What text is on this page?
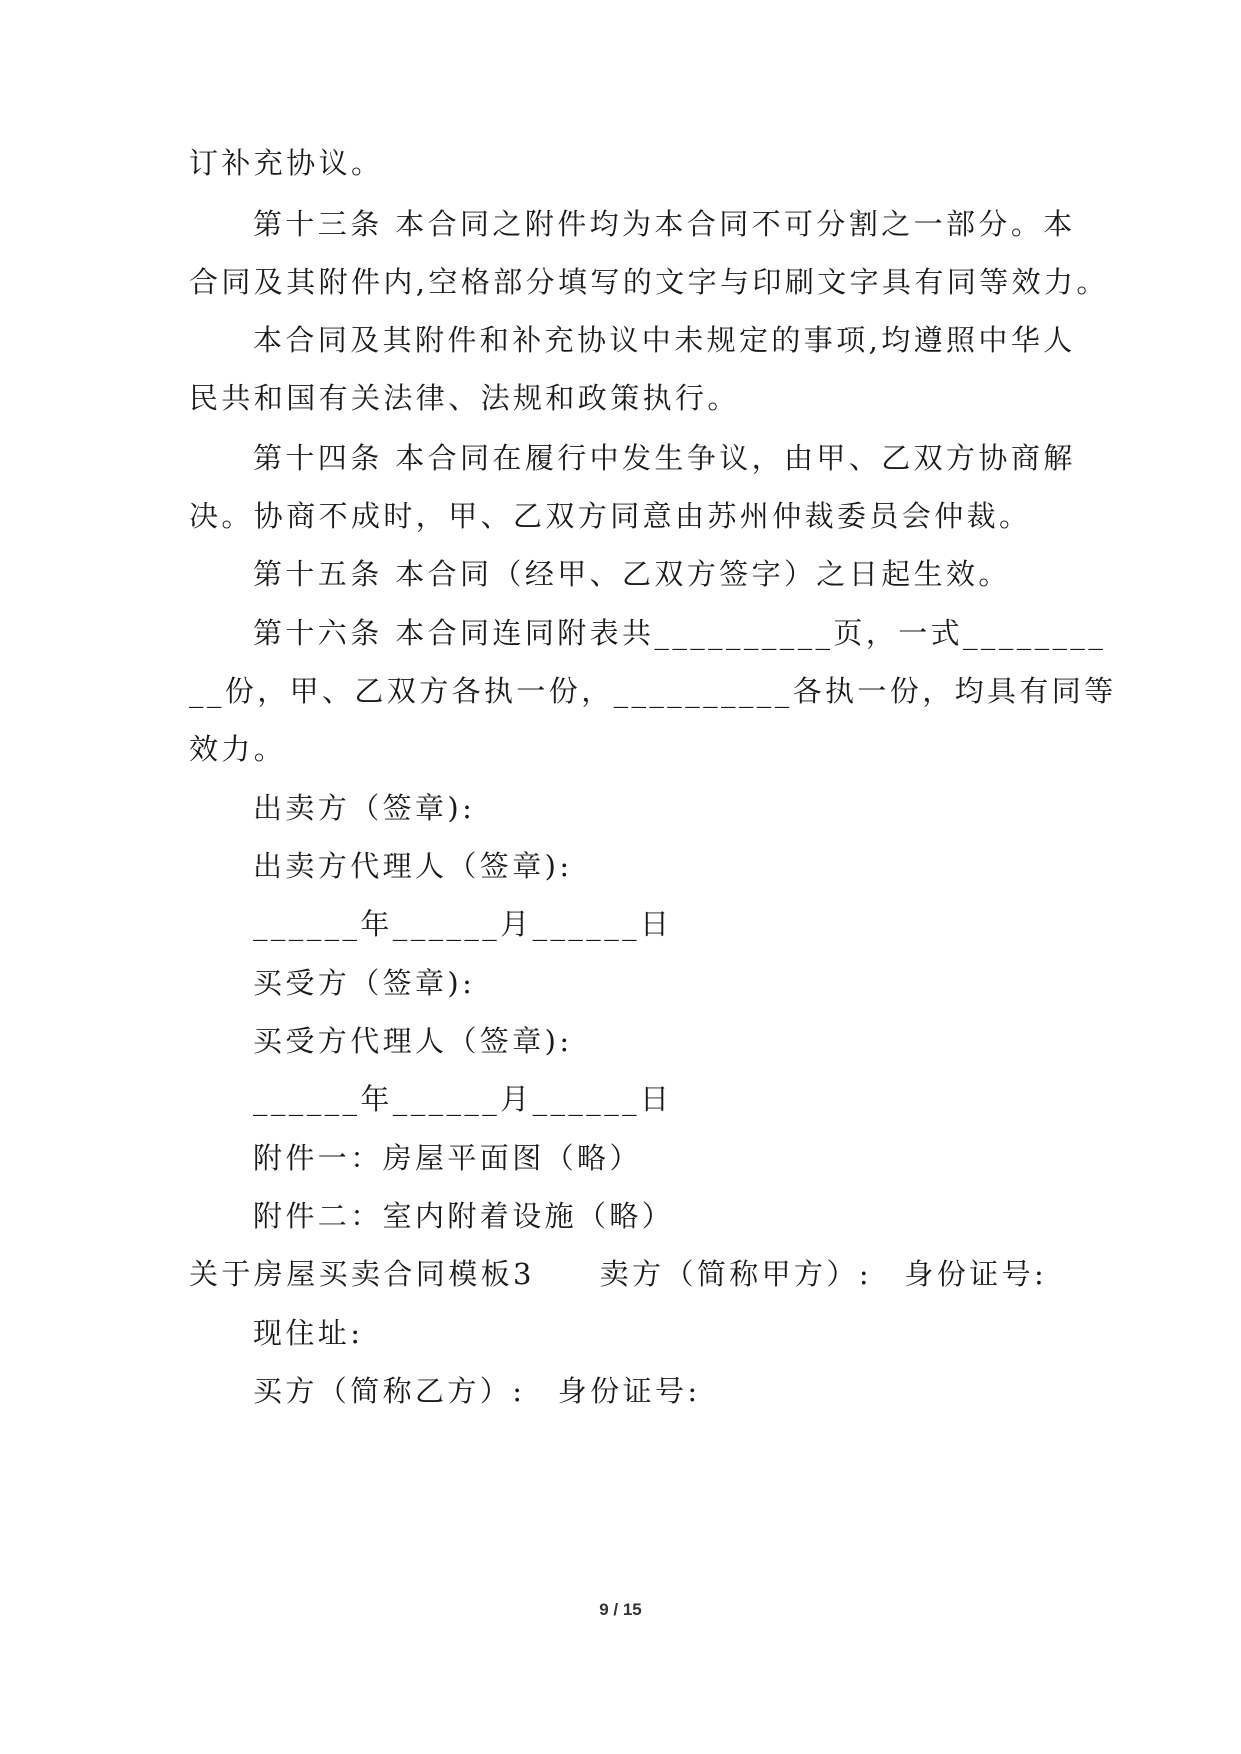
订补充协议。
第十三条 本合同之附件均为本合同不可分割之一部分。本
合同及其附件内,空格部分填写的文字与印刷文字具有同等效力。
本合同及其附件和补充协议中未规定的事项,均遵照中华人
民共和国有关法律、法规和政策执行。
第十四条 本合同在履行中发生争议，由甲、乙双方协商解
决。协商不成时，甲、乙双方同意由苏州仲裁委员会仲裁。
第十五条 本合同（经甲、乙双方签字）之日起生效。
第十六条 本合同连同附表共__________页，一式________
__份，甲、乙双方各执一份，__________各执一份，均具有同等
效力。
出卖方（签章):
出卖方代理人（签章):
______年______月______日
买受方（签章):
买受方代理人（签章):
______年______月______日
附件一：房屋平面图（略）
附件二：室内附着设施（略）
关于房屋买卖合同模板3　　卖方（简称甲方）:　身份证号:
现住址:
买方（简称乙方）:　身份证号:
9 / 15
